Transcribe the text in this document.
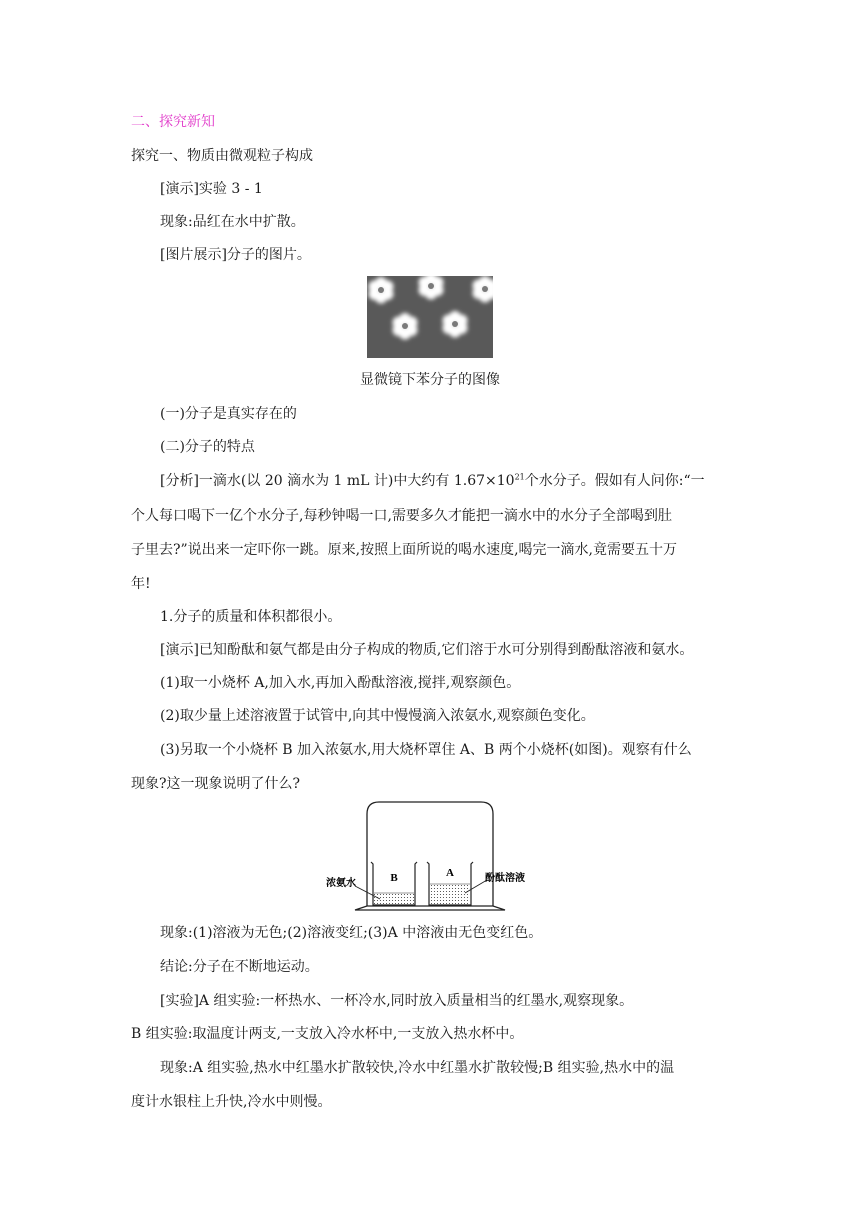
二、探究新知
探究一、物质由微观粒子构成
[演示]实验 3 - 1
现象:品红在水中扩散。
[图片展示]分子的图片。
显微镜下苯分子的图像
(一)分子是真实存在的
(二)分子的特点
[分析]一滴水(以 20 滴水为 1 mL 计)中大约有 $1.67\times 10^{21}$个水分子。假如有人问你:“一
个人每口喝下一亿个水分子,每秒钟喝一口,需要多久才能把一滴水中的水分子全部喝到肚
子里去?”说出来一定吓你一跳。原来,按照上面所说的喝水速度,喝完一滴水,竟需要五十万
年!
1.分子的质量和体积都很小。
[演示]已知酚酞和氨气都是由分子构成的物质,它们溶于水可分别得到酚酞溶液和氨水。
(1)取一小烧杯 A,加入水,再加入酚酞溶液,搅拌,观察颜色。
(2)取少量上述溶液置于试管中,向其中慢慢滴入浓氨水,观察颜色变化。
(3)另取一个小烧杯 B 加入浓氨水,用大烧杯罩住 A、B 两个小烧杯(如图)。观察有什么
现象?这一现象说明了什么?
B	A
浓氨水	酚酞溶液
现象:(1)溶液为无色;(2)溶液变红;(3)A 中溶液由无色变红色。
结论:分子在不断地运动。
[实验]A 组实验:一杯热水、一杯冷水,同时放入质量相当的红墨水,观察现象。
B 组实验:取温度计两支,一支放入冷水杯中,一支放入热水杯中。
现象:A 组实验,热水中红墨水扩散较快,冷水中红墨水扩散较慢;B 组实验,热水中的温
度计水银柱上升快,冷水中则慢。
